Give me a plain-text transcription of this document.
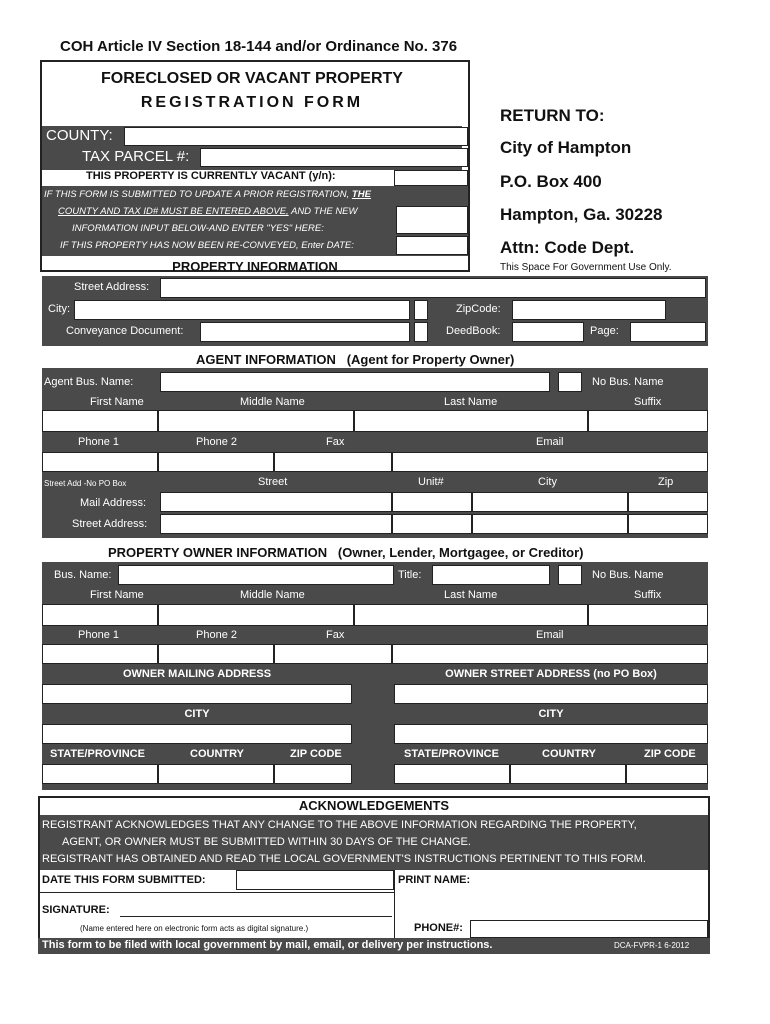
COH Article IV Section 18-144 and/or Ordinance No. 376
FORECLOSED OR VACANT PROPERTY
REGISTRATION FORM
COUNTY:
TAX PARCEL #:
THIS PROPERTY IS CURRENTLY VACANT (y/n):
IF THIS FORM IS SUBMITTED TO UPDATE A PRIOR REGISTRATION, THE
COUNTY AND TAX ID# MUST BE ENTERED ABOVE, AND THE NEW
INFORMATION INPUT BELOW-AND ENTER "YES" HERE:
IF THIS PROPERTY HAS NOW BEEN RE-CONVEYED, Enter DATE:
RETURN TO:
City of Hampton
P.O. Box 400
Hampton, Ga. 30228
Attn: Code Dept.
This Space For Government Use Only.
PROPERTY INFORMATION
Street Address:
City:	ZipCode:
Conveyance Document:	DeedBook:	Page:
AGENT INFORMATION (Agent for Property Owner)
Agent Bus. Name:	No Bus. Name
First Name	Middle Name	Last Name	Suffix
Phone 1	Phone 2	Fax	Email
Street Add -No PO Box	Street	Unit#	City	Zip
Mail Address:
Street Address:
PROPERTY OWNER INFORMATION (Owner, Lender, Mortgagee, or Creditor)
Bus. Name:	Title:	No Bus. Name
First Name	Middle Name	Last Name	Suffix
Phone 1	Phone 2	Fax	Email
OWNER MAILING ADDRESS	OWNER STREET ADDRESS (no PO Box)
CITY	CITY
STATE/PROVINCE	COUNTRY	ZIP CODE	STATE/PROVINCE	COUNTRY	ZIP CODE
ACKNOWLEDGEMENTS
REGISTRANT ACKNOWLEDGES THAT ANY CHANGE TO THE ABOVE INFORMATION REGARDING THE PROPERTY,
AGENT, OR OWNER MUST BE SUBMITTED WITHIN 30 DAYS OF THE CHANGE.
REGISTRANT HAS OBTAINED AND READ THE LOCAL GOVERNMENT'S INSTRUCTIONS PERTINENT TO THIS FORM.
DATE THIS FORM SUBMITTED:	PRINT NAME:
SIGNATURE:
(Name entered here on electronic form acts as digital signature.)	PHONE#:
This form to be filed with local government by mail, email, or delivery per instructions.	DCA-FVPR-1 6-2012
